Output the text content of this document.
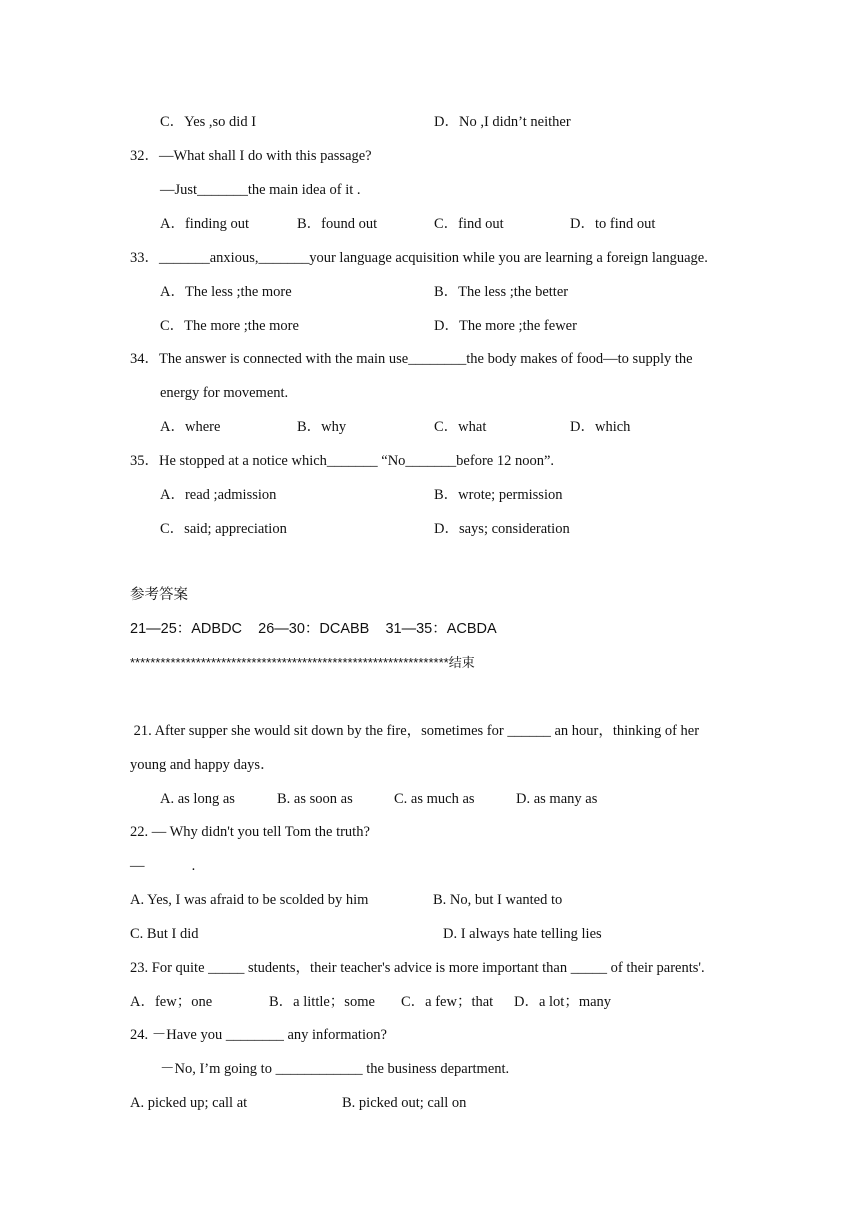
C．Yes ,so did I	D．No ,I didn’t neither
32．—What shall I do with this passage?
—Just_______the main idea of it .
A．finding out	B．found out	C．find out	D．to find out
33．_______anxious,_______your language acquisition while you are learning a foreign language.
A．The less ;the more	B．The less ;the better
C．The more ;the more	D．The more ;the fewer
34．The answer is connected with the main use________the body makes of food—to supply the
energy for movement.
A．where	B．why	C．what	D．which
35．He stopped at a notice which_______ “No_______before 12 noon”.
A．read ;admission	B．wrote; permission
C．said; appreciation	D．says; consideration
参考答案
21—25：ADBDC    26—30：DCABB    31—35：ACBDA
***************************************************************结束
21. After supper she would sit down by the fire，sometimes for ______ an hour，thinking of her
young and happy days．
A. as long as	B. as soon as	C. as much as	D. as many as
22. — Why didn't you tell Tom the truth?
—             .
A. Yes, I was afraid to be scolded by him	B. No, but I wanted to
C. But I did	D. I always hate telling lies
23. For quite _____ students，their teacher's advice is more important than _____ of their parents'.
A．few；one	B．a little；some C．a few；that D．a lot；many
24. －Have you ________ any information?
－No, I’m going to ____________ the business department.
A. picked up; call at	B. picked out; call on
